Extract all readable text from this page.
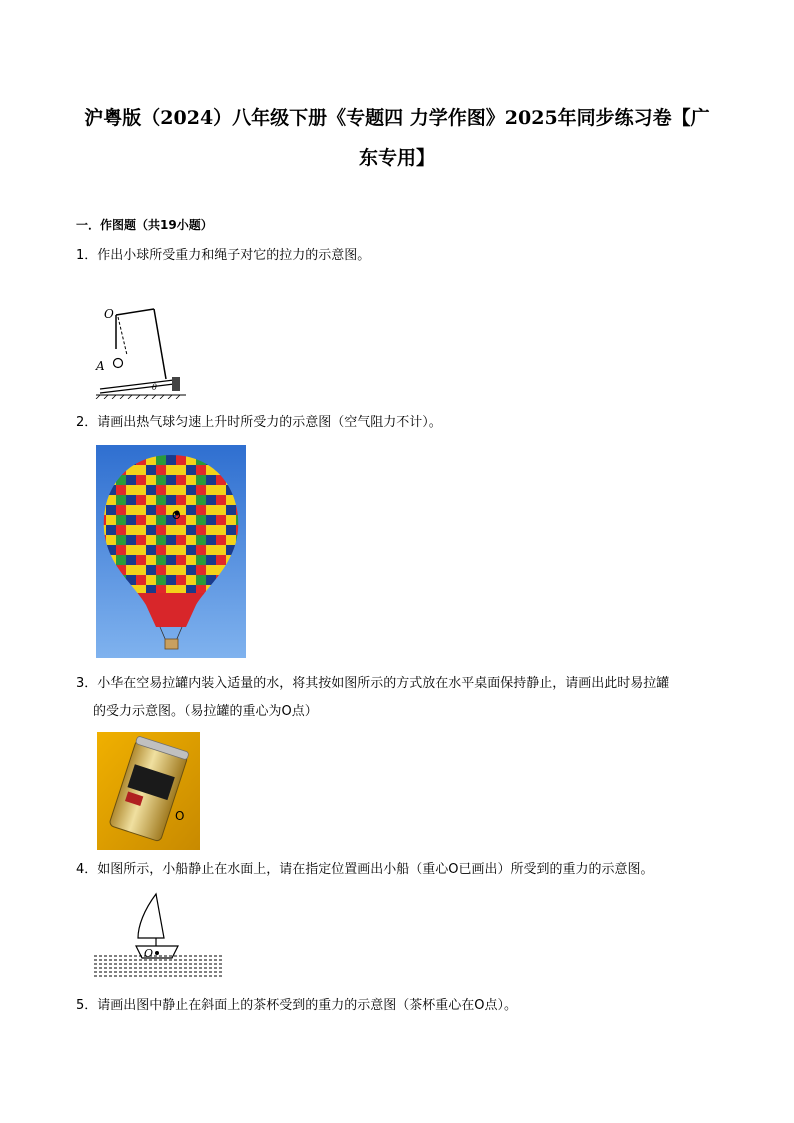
沪粤版（2024）八年级下册《专题四 力学作图》2025年同步练习卷【广
东专用】
一．作图题（共19小题）
1．作出小球所受重力和绳子对它的拉力的示意图。
O
A
θ
2．请画出热气球匀速上升时所受力的示意图（空气阻力不计）。
O
3．小华在空易拉罐内装入适量的水，将其按如图所示的方式放在水平桌面保持静止，请画出此时易拉罐
的受力示意图。（易拉罐的重心为O点）
O
4．如图所示，小船静止在水面上，请在指定位置画出小船（重心O已画出）所受到的重力的示意图。
O
5．请画出图中静止在斜面上的茶杯受到的重力的示意图（茶杯重心在O点）。
